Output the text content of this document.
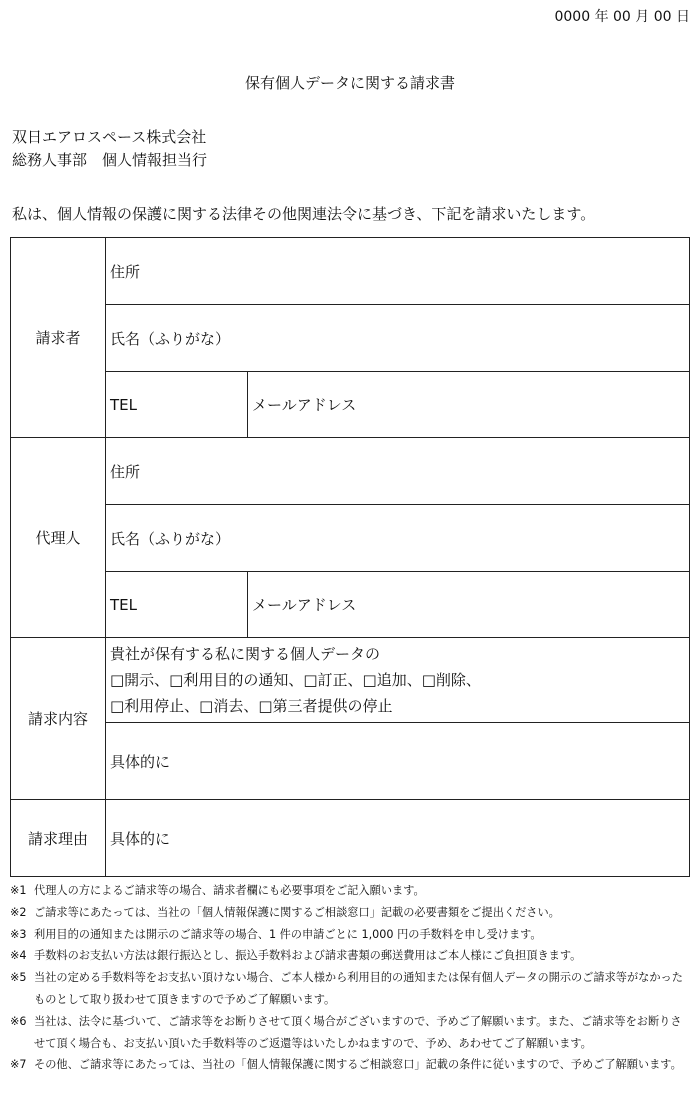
0000 年 00 月 00 日
保有個人データに関する請求書
双日エアロスペース株式会社
総務人事部　個人情報担当行
私は、個人情報の保護に関する法律その他関連法令に基づき、下記を請求いたします。
請求者	住所	
	氏名（ふりがな）	
	TEL	メールアドレス
代理人	住所	
	氏名（ふりがな）	
	TEL	メールアドレス
請求内容	貴社が保有する私に関する個人データの
□開示、□利用目的の通知、□訂正、□追加、□削除、
□利用停止、□消去、□第三者提供の停止	

	具体的に	
請求理由	具体的に	
※1 代理人の方によるご請求等の場合、請求者欄にも必要事項をご記入願います。
※2 ご請求等にあたっては、当社の「個人情報保護に関するご相談窓口」記載の必要書類をご提出ください。
※3 利用目的の通知または開示のご請求等の場合、1 件の申請ごとに 1,000 円の手数料を申し受けます。
※4 手数料のお支払い方法は銀行振込とし、振込手数料および請求書類の郵送費用はご本人様にご負担頂きます。
※5 当社の定める手数料等をお支払い頂けない場合、ご本人様から利用目的の通知または保有個人データの開示のご請求等がなかったものとして取り扱わせて頂きますので予めご了解願います。
※6 当社は、法令に基づいて、ご請求等をお断りさせて頂く場合がございますので、予めご了解願います。また、ご請求等をお断りさせて頂く場合も、お支払い頂いた手数料等のご返還等はいたしかねますので、予め、あわせてご了解願います。
※7 その他、ご請求等にあたっては、当社の「個人情報保護に関するご相談窓口」記載の条件に従いますので、予めご了解願います。
